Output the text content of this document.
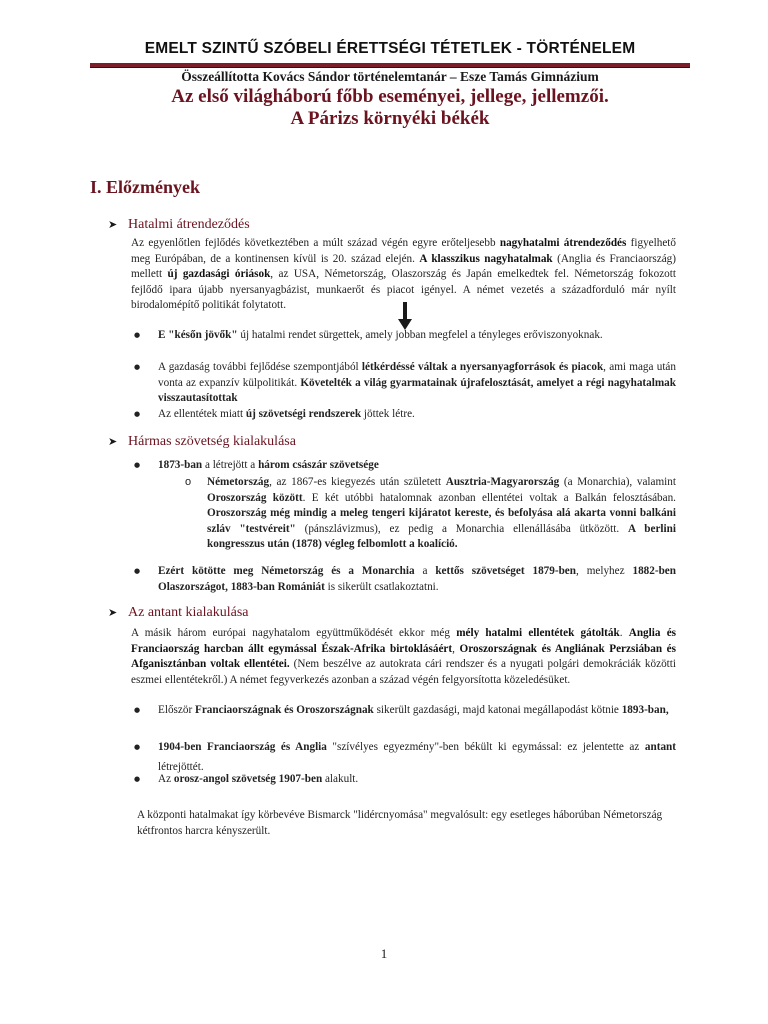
EMELT SZINTŰ SZÓBELI ÉRETTSÉGI TÉTETLEK - TÖRTÉNELEM
Összeállította Kovács Sándor történelemtanár – Esze Tamás Gimnázium
Az első világháború főbb eseményei, jellege, jellemzői.
A Párizs környéki békék
I. Előzmények
➤ Hatalmi átrendeződés
Az egyenlőtlen fejlődés következtében a múlt század végén egyre erőteljesebb nagyhatalmi átrendeződés figyelhető meg Európában, de a kontinensen kívül is 20. század elején. A klasszikus nagyhatalmak (Anglia és Franciaország) mellett új gazdasági óriások, az USA, Németország, Olaszország és Japán emelkedtek fel. Németország fokozott fejlődő ipara újabb nyersanyagbázist, munkaerőt és piacot igényel. A német vezetés a századforduló már nyílt birodalomépítő politikát folytatott.
● E "későn jövők" új hatalmi rendet sürgettek, amely jobban megfelel a tényleges erőviszonyoknak.
● A gazdaság további fejlődése szempontjából létkérdéssé váltak a nyersanyagforrások és piacok, ami maga után vonta az expanzív külpolitikát. Követelték a világ gyarmatainak újrafelosztását, amelyet a régi nagyhatalmak visszautasítottak
● Az ellentétek miatt új szövetségi rendszerek jöttek létre.
➤ Hármas szövetség kialakulása
● 1873-ban a létrejött a három császár szövetsége
o Németország, az 1867-es kiegyezés után született Ausztria-Magyarország (a Monarchia), valamint Oroszország között. E két utóbbi hatalomnak azonban ellentétei voltak a Balkán felosztásában. Oroszország még mindig a meleg tengeri kijáratot kereste, és befolyása alá akarta vonni balkáni szláv "testvéreit" (pánszlávizmus), ez pedig a Monarchia ellenállásába ütközött. A berlini kongresszus után (1878) végleg felbomlott a koalíció.
● Ezért kötötte meg Németország és a Monarchia a kettős szövetséget 1879-ben, melyhez 1882-ben Olaszországot, 1883-ban Romániát is sikerült csatlakoztatni.
➤ Az antant kialakulása
A másik három európai nagyhatalom együttműködését ekkor még mély hatalmi ellentétek gátolták. Anglia és Franciaország harcban állt egymással Észak-Afrika birtoklásáért, Oroszországnak és Angliának Perzsiában és Afganisztánban voltak ellentétei. (Nem beszélve az autokrata cári rendszer és a nyugati polgári demokráciák közötti eszmei ellentétekről.) A német fegyverkezés azonban a század végén felgyorsította közeledésüket.
● Először Franciaországnak és Oroszországnak sikerült gazdasági, majd katonai megállapodást kötnie 1893-ban,
● 1904-ben Franciaország és Anglia "szívélyes egyezmény"-ben békült ki egymással: ez jelentette az antant létrejöttét.
● Az orosz-angol szövetség 1907-ben alakult.
A központi hatalmakat így körbevéve Bismarck "lidércnyomása" megvalósult: egy esetleges háborúban Németország kétfrontos harcra kényszerült.
1
